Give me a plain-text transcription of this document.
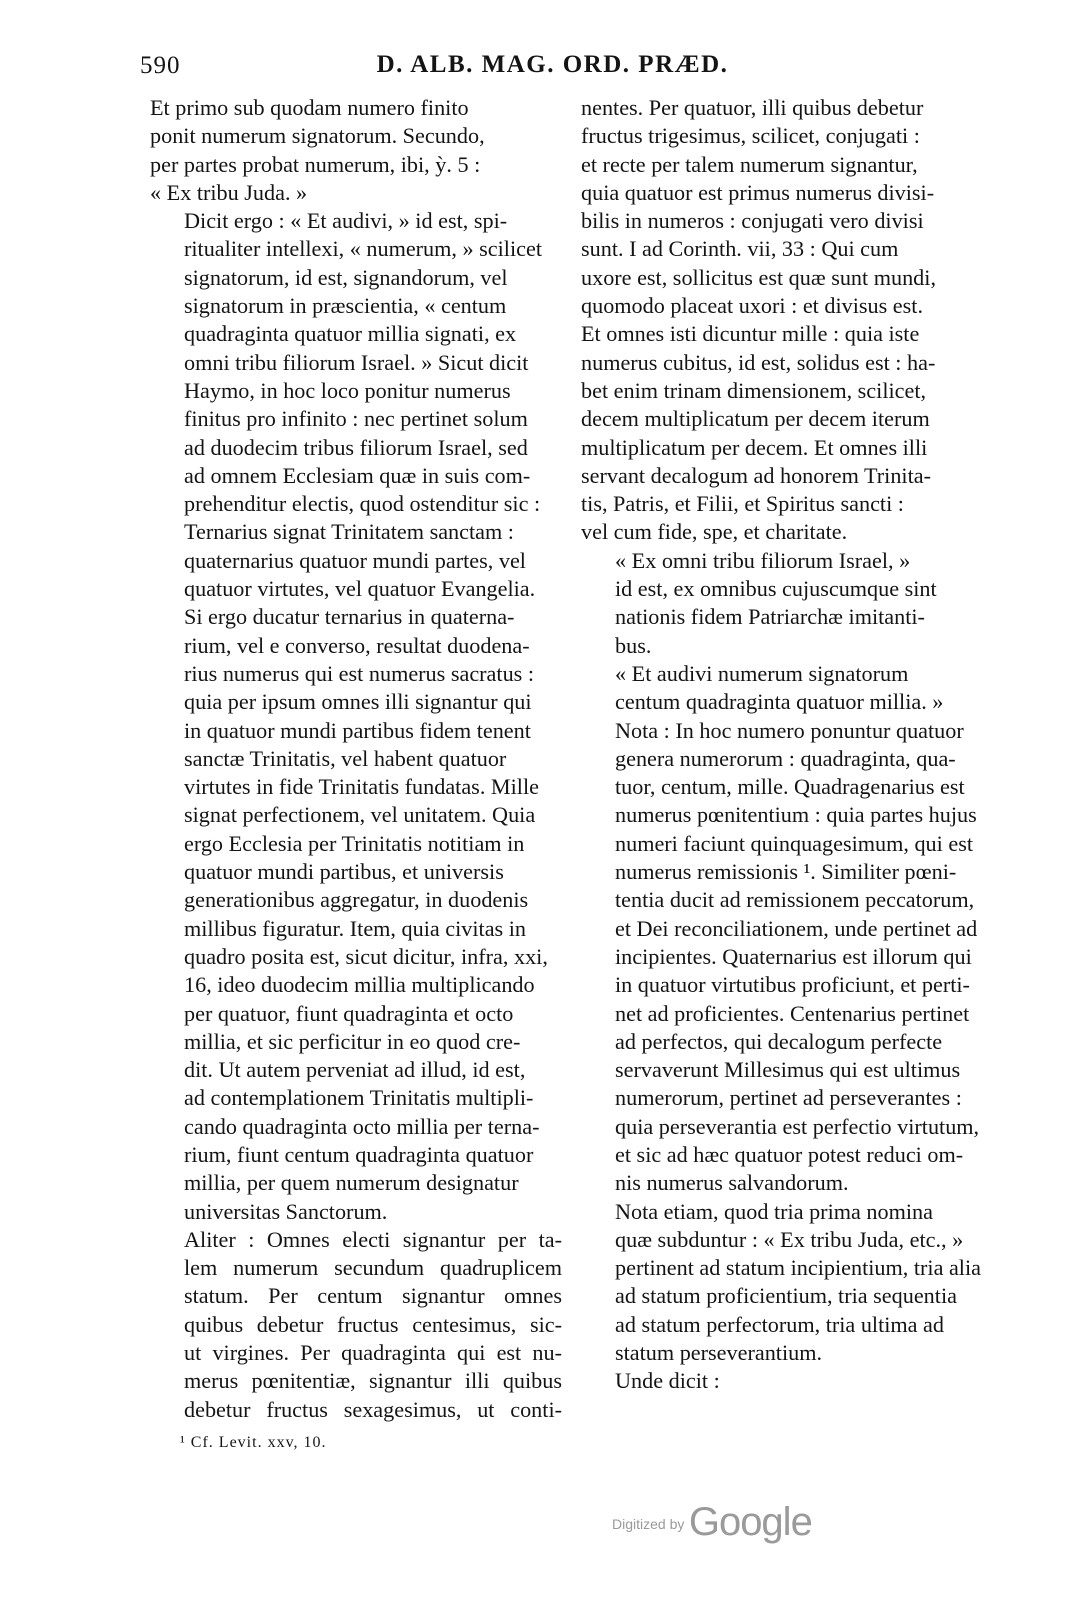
590	D. ALB. MAG. ORD. PRÆD.

Et primo sub quodam numero finito
ponit numerum signatorum. Secundo,
per partes probat numerum, ibi, ỳ. 5 :
« Ex tribu Juda. »

Dicit ergo : « Et audivi, » id est, spi-
ritualiter intellexi, « numerum, » scilicet
signatorum, id est, signandorum, vel
signatorum in præscientia, « centum
quadraginta quatuor millia signati, ex
omni tribu filiorum Israel. » Sicut dicit
Haymo, in hoc loco ponitur numerus
finitus pro infinito : nec pertinet solum
ad duodecim tribus filiorum Israel, sed
ad omnem Ecclesiam quæ in suis com-
prehenditur electis, quod ostenditur sic :
Ternarius signat Trinitatem sanctam :
quaternarius quatuor mundi partes, vel
quatuor virtutes, vel quatuor Evangelia.
Si ergo ducatur ternarius in quaterna-
rium, vel e converso, resultat duodena-
rius numerus qui est numerus sacratus :
quia per ipsum omnes illi signantur qui
in quatuor mundi partibus fidem tenent
sanctæ Trinitatis, vel habent quatuor
virtutes in fide Trinitatis fundatas. Mille
signat perfectionem, vel unitatem. Quia
ergo Ecclesia per Trinitatis notitiam in
quatuor mundi partibus, et universis
generationibus aggregatur, in duodenis
millibus figuratur. Item, quia civitas in
quadro posita est, sicut dicitur, infra, xxi,
16, ideo duodecim millia multiplicando
per quatuor, fiunt quadraginta et octo
millia, et sic perficitur in eo quod cre-
dit. Ut autem perveniat ad illud, id est,
ad contemplationem Trinitatis multipli-
cando quadraginta octo millia per terna-
rium, fiunt centum quadraginta quatuor
millia, per quem numerum designatur
universitas Sanctorum.

Aliter : Omnes electi signantur per ta-
lem numerum secundum quadruplicem
statum. Per centum signantur omnes
quibus debetur fructus centesimus, sic-
ut virgines. Per quadraginta qui est nu-
merus pœnitentiæ, signantur illi quibus
debetur fructus sexagesimus, ut conti-

nentes. Per quatuor, illi quibus debetur
fructus trigesimus, scilicet, conjugati :
et recte per talem numerum signantur,
quia quatuor est primus numerus divisi-
bilis in numeros : conjugati vero divisi
sunt. I ad Corinth. vii, 33 : Qui cum
uxore est, sollicitus est quæ sunt mundi,
quomodo placeat uxori : et divisus est.
Et omnes isti dicuntur mille : quia iste
numerus cubitus, id est, solidus est : ha-
bet enim trinam dimensionem, scilicet,
decem multiplicatum per decem iterum
multiplicatum per decem. Et omnes illi
servant decalogum ad honorem Trinita-
tis, Patris, et Filii, et Spiritus sancti :
vel cum fide, spe, et charitate.

« Ex omni tribu filiorum Israel, »
id est, ex omnibus cujuscumque sint
nationis fidem Patriarchæ imitanti-
bus.

« Et audivi numerum signatorum
centum quadraginta quatuor millia. »
Nota : In hoc numero ponuntur quatuor
genera numerorum : quadraginta, qua-
tuor, centum, mille. Quadragenarius est
numerus pœnitentium : quia partes hujus
numeri faciunt quinquagesimum, qui est
numerus remissionis ¹. Similiter pœni-
tentia ducit ad remissionem peccatorum,
et Dei reconciliationem, unde pertinet ad
incipientes. Quaternarius est illorum qui
in quatuor virtutibus proficiunt, et perti-
net ad proficientes. Centenarius pertinet
ad perfectos, qui decalogum perfecte
servaverunt Millesimus qui est ultimus
numerorum, pertinet ad perseverantes :
quia perseverantia est perfectio virtutum,
et sic ad hæc quatuor potest reduci om-
nis numerus salvandorum.

Nota etiam, quod tria prima nomina
quæ subduntur : « Ex tribu Juda, etc., »
pertinent ad statum incipientium, tria alia
ad statum proficientium, tria sequentia
ad statum perfectorum, tria ultima ad
statum perseverantium.

Unde dicit :

¹ Cf. Levit. xxv, 10.
Digitized by Google
